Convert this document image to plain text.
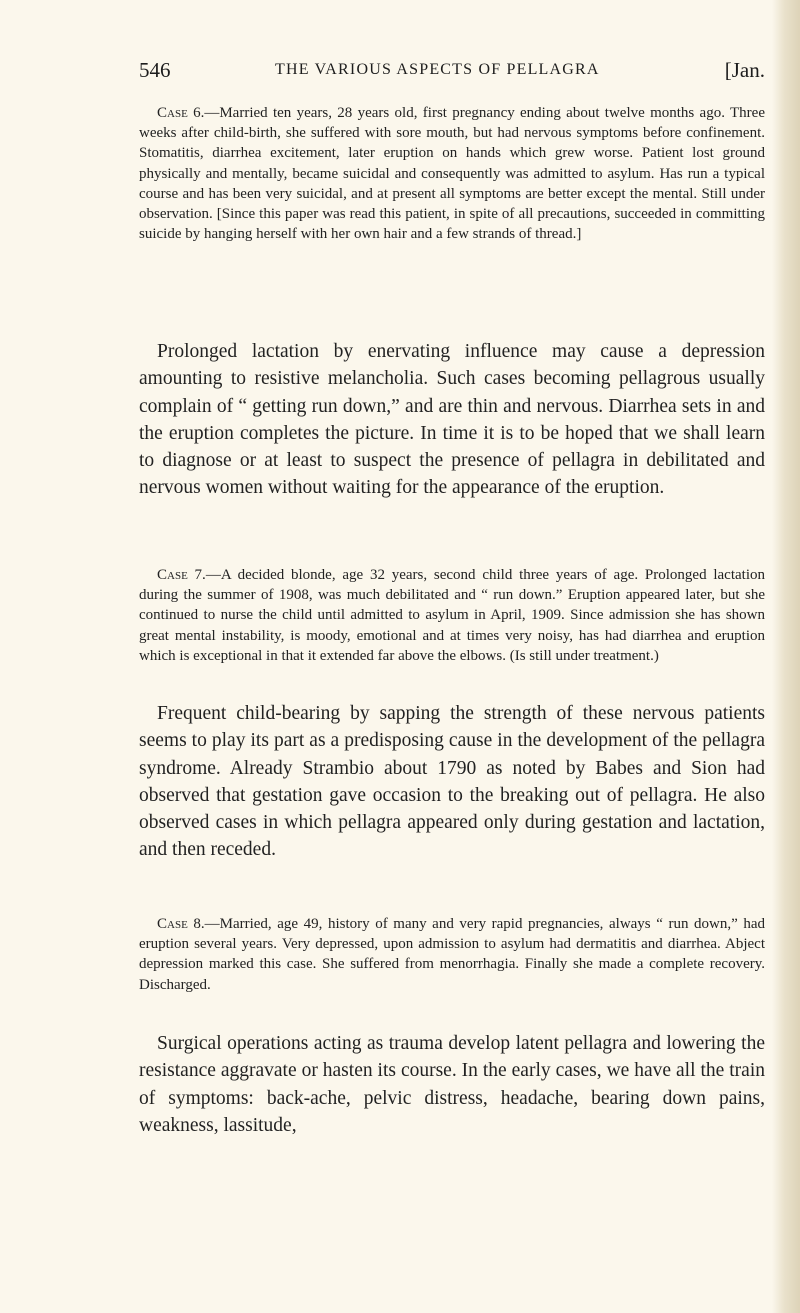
546	THE VARIOUS ASPECTS OF PELLAGRA	[Jan.

Case 6.—Married ten years, 28 years old, first pregnancy ending about twelve months ago. Three weeks after child-birth, she suffered with sore mouth, but had nervous symptoms before confinement. Stomatitis, diarrhea excitement, later eruption on hands which grew worse. Patient lost ground physically and mentally, became suicidal and consequently was admitted to asylum. Has run a typical course and has been very suicidal, and at present all symptoms are better except the mental. Still under observation. [Since this paper was read this patient, in spite of all precautions, succeeded in committing suicide by hanging herself with her own hair and a few strands of thread.]

Prolonged lactation by enervating influence may cause a depression amounting to resistive melancholia. Such cases becoming pellagrous usually complain of “ getting run down,” and are thin and nervous. Diarrhea sets in and the eruption completes the picture. In time it is to be hoped that we shall learn to diagnose or at least to suspect the presence of pellagra in debilitated and nervous women without waiting for the appearance of the eruption.

Case 7.—A decided blonde, age 32 years, second child three years of age. Prolonged lactation during the summer of 1908, was much debilitated and “ run down.” Eruption appeared later, but she continued to nurse the child until admitted to asylum in April, 1909. Since admission she has shown great mental instability, is moody, emotional and at times very noisy, has had diarrhea and eruption which is exceptional in that it extended far above the elbows. (Is still under treatment.)

Frequent child-bearing by sapping the strength of these nervous patients seems to play its part as a predisposing cause in the development of the pellagra syndrome. Already Strambio about 1790 as noted by Babes and Sion had observed that gestation gave occasion to the breaking out of pellagra. He also observed cases in which pellagra appeared only during gestation and lactation, and then receded.

Case 8.—Married, age 49, history of many and very rapid pregnancies, always “ run down,” had eruption several years. Very depressed, upon admission to asylum had dermatitis and diarrhea. Abject depression marked this case. She suffered from menorrhagia. Finally she made a complete recovery. Discharged.

Surgical operations acting as trauma develop latent pellagra and lowering the resistance aggravate or hasten its course. In the early cases, we have all the train of symptoms: back-ache, pelvic distress, headache, bearing down pains, weakness, lassitude,
